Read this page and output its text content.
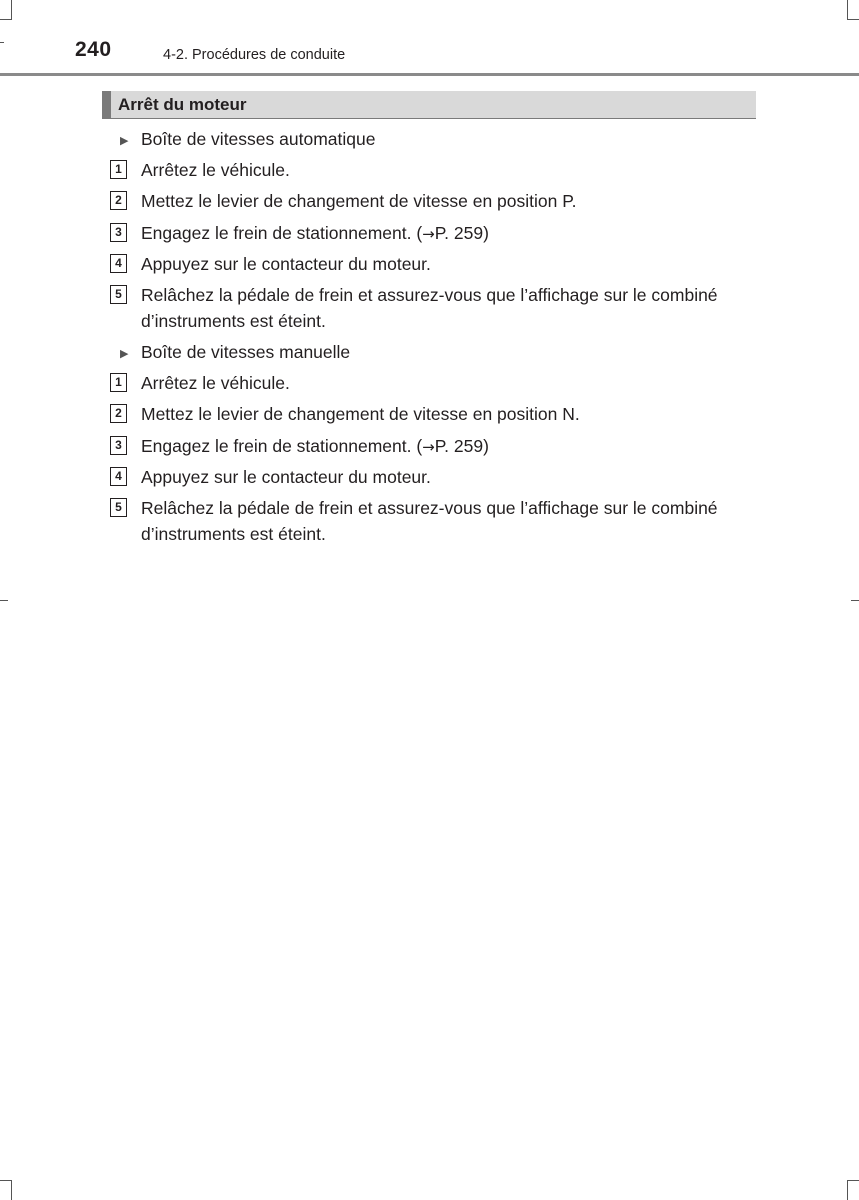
240	4-2. Procédures de conduite
Arrêt du moteur
▶ Boîte de vitesses automatique
1 Arrêtez le véhicule.
2 Mettez le levier de changement de vitesse en position P.
3 Engagez le frein de stationnement. (→P. 259)
4 Appuyez sur le contacteur du moteur.
5 Relâchez la pédale de frein et assurez-vous que l’affichage sur le combiné
d’instruments est éteint.
▶ Boîte de vitesses manuelle
1 Arrêtez le véhicule.
2 Mettez le levier de changement de vitesse en position N.
3 Engagez le frein de stationnement. (→P. 259)
4 Appuyez sur le contacteur du moteur.
5 Relâchez la pédale de frein et assurez-vous que l’affichage sur le combiné
d’instruments est éteint.
